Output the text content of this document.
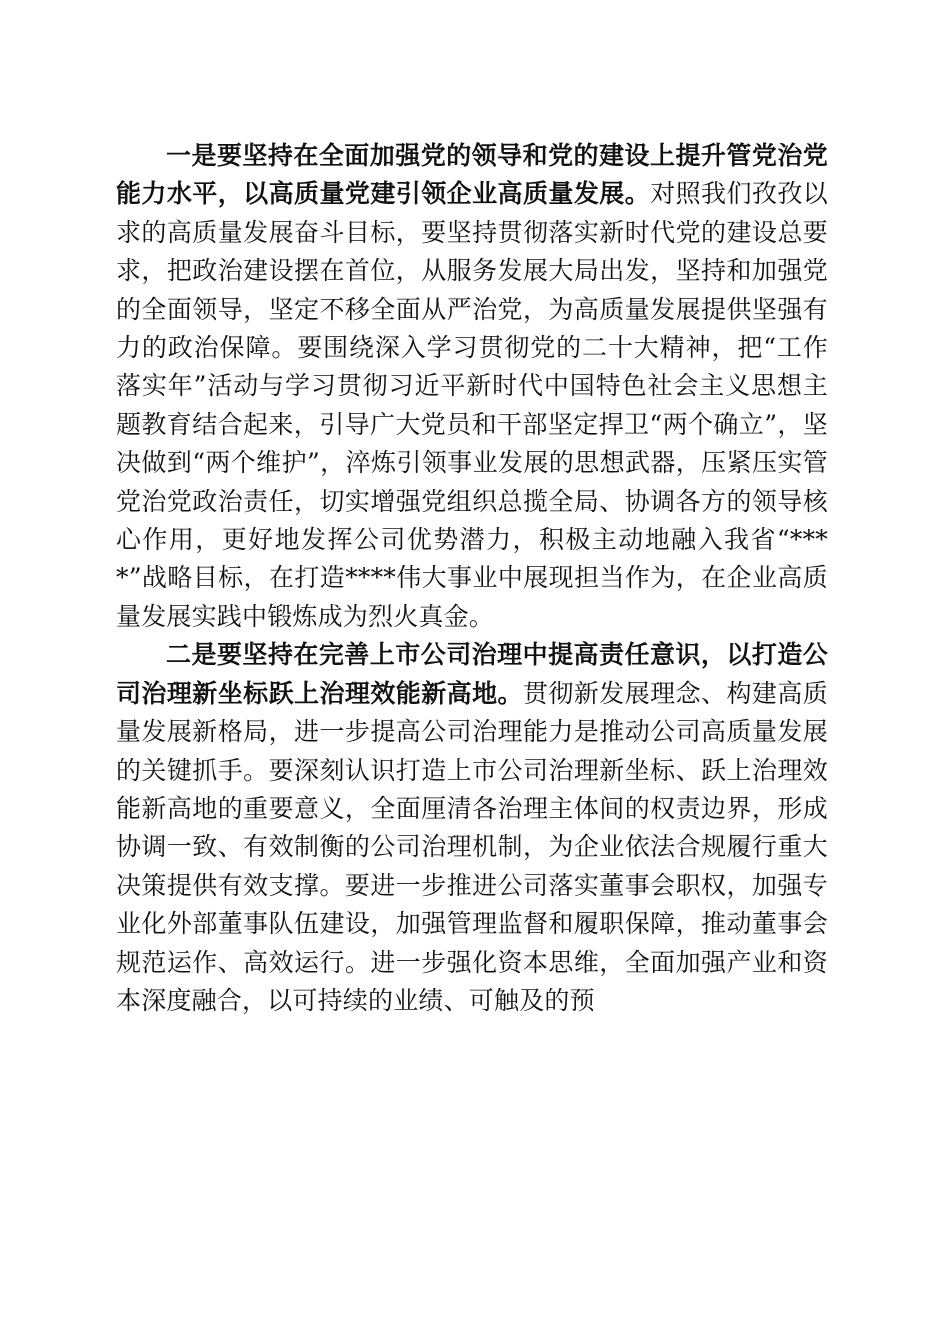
一是要坚持在全面加强党的领导和党的建设上提升管党治党能力水平，以高质量党建引领企业高质量发展。对照我们孜孜以求的高质量发展奋斗目标，要坚持贯彻落实新时代党的建设总要求，把政治建设摆在首位，从服务发展大局出发，坚持和加强党的全面领导，坚定不移全面从严治党，为高质量发展提供坚强有力的政治保障。要围绕深入学习贯彻党的二十大精神，把“工作落实年”活动与学习贯彻习近平新时代中国特色社会主义思想主题教育结合起来，引导广大党员和干部坚定捍卫“两个确立”，坚决做到“两个维护”，淬炼引领事业发展的思想武器，压紧压实管党治党政治责任，切实增强党组织总揽全局、协调各方的领导核心作用，更好地发挥公司优势潜力，积极主动地融入我省“****”战略目标，在打造****伟大事业中展现担当作为，在企业高质量发展实践中锻炼成为烈火真金。

二是要坚持在完善上市公司治理中提高责任意识，以打造公司治理新坐标跃上治理效能新高地。贯彻新发展理念、构建高质量发展新格局，进一步提高公司治理能力是推动公司高质量发展的关键抓手。要深刻认识打造上市公司治理新坐标、跃上治理效能新高地的重要意义，全面厘清各治理主体间的权责边界，形成协调一致、有效制衡的公司治理机制，为企业依法合规履行重大决策提供有效支撑。要进一步推进公司落实董事会职权，加强专业化外部董事队伍建设，加强管理监督和履职保障，推动董事会规范运作、高效运行。进一步强化资本思维，全面加强产业和资本深度融合，以可持续的业绩、可触及的预
